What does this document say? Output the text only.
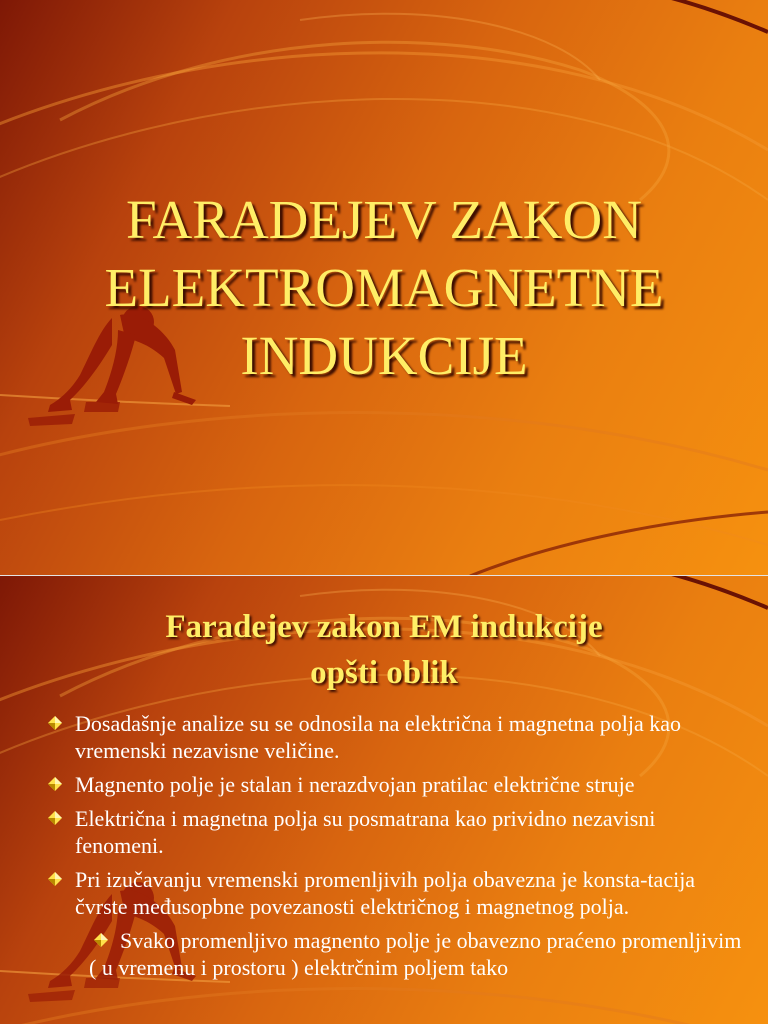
FARADEJEV ZAKON
ELEKTROMAGNETNE
INDUKCIJE
Faradejev zakon EM indukcije
opšti oblik
Dosadašnje analize su se odnosila na električna i magnetna polja kao vremenski nezavisne veličine.
Magnento polje je stalan i nerazdvojan pratilac električne struje
Električna i magnetna polja su posmatrana kao prividno nezavisni fenomeni.
Pri izučavanju vremenski promenljivih polja obavezna je konsta-tacija čvrste međusopbne povezanosti električnog i magnetnog polja.
Svako promenljivo magnento polje je obavezno praćeno promenljivim ( u vremenu i prostoru ) elektrčnim poljem tako
